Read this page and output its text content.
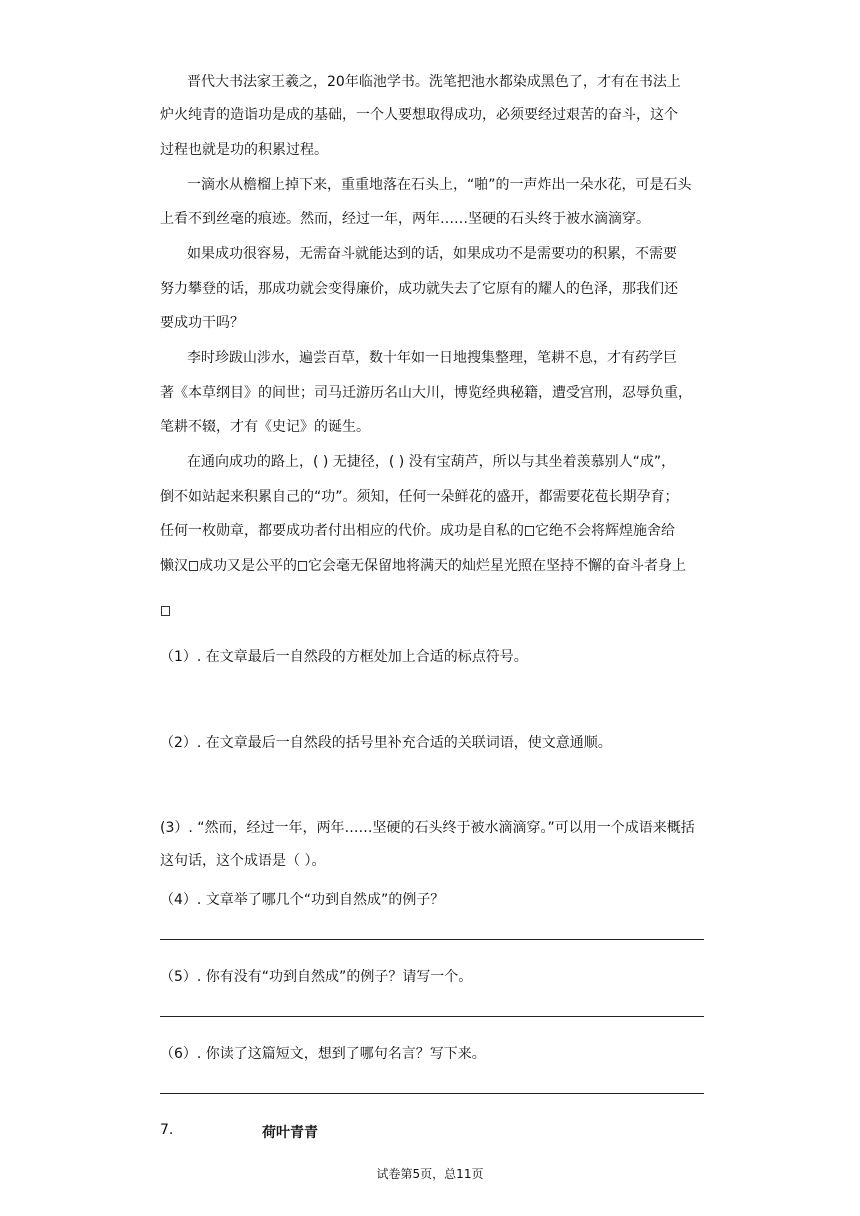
晋代大书法家王羲之，20年临池学书。洗笔把池水都染成黑色了，才有在书法上
炉火纯青的造诣功是成的基础，一个人要想取得成功，必须要经过艰苦的奋斗，这个
过程也就是功的积累过程。
一滴水从檐榴上掉下来，重重地落在石头上，“啪”的一声炸出一朵水花，可是石头
上看不到丝毫的痕迹。然而，经过一年，两年……坚硬的石头终于被水滴滴穿。
如果成功很容易，无需奋斗就能达到的话，如果成功不是需要功的积累，不需要
努力攀登的话，那成功就会变得廉价，成功就失去了它原有的耀人的色泽，那我们还
要成功干吗？
李时珍跋山涉水，遍尝百草，数十年如一日地搜集整理，笔耕不息，才有药学巨
著《本草纲目》的间世；司马迁游历名山大川，博览经典秘籍，遭受宫刑，忍辱负重，
笔耕不辍，才有《史记》的诞生。
在通向成功的路上，( ) 无捷径，( ) 没有宝葫芦，所以与其坐着羡慕别人“成”，
倒不如站起来积累自己的“功”。须知，任何一朵鲜花的盛开，都需要花苞长期孕育；
任何一枚勋章，都要成功者付出相应的代价。成功是自私的 它绝不会将辉煌施舍给
懒汉 成功又是公平的 它会毫无保留地将满天的灿烂星光照在坚持不懈的奋斗者身上
（1）. 在文章最后一自然段的方框处加上合适的标点符号。
（2）. 在文章最后一自然段的括号里补充合适的关联词语，使文意通顺。
(3）. “然而，经过一年，两年……坚硬的石头终于被水滴滴穿。”可以用一个成语来概括
这句话，这个成语是（ ）。
（4）. 文章举了哪几个“功到自然成”的例子？
（5）. 你有没有“功到自然成”的例子？请写一个。
（6）. 你读了这篇短文，想到了哪句名言？写下来。
7.	荷叶青青
试卷第5页，总11页
